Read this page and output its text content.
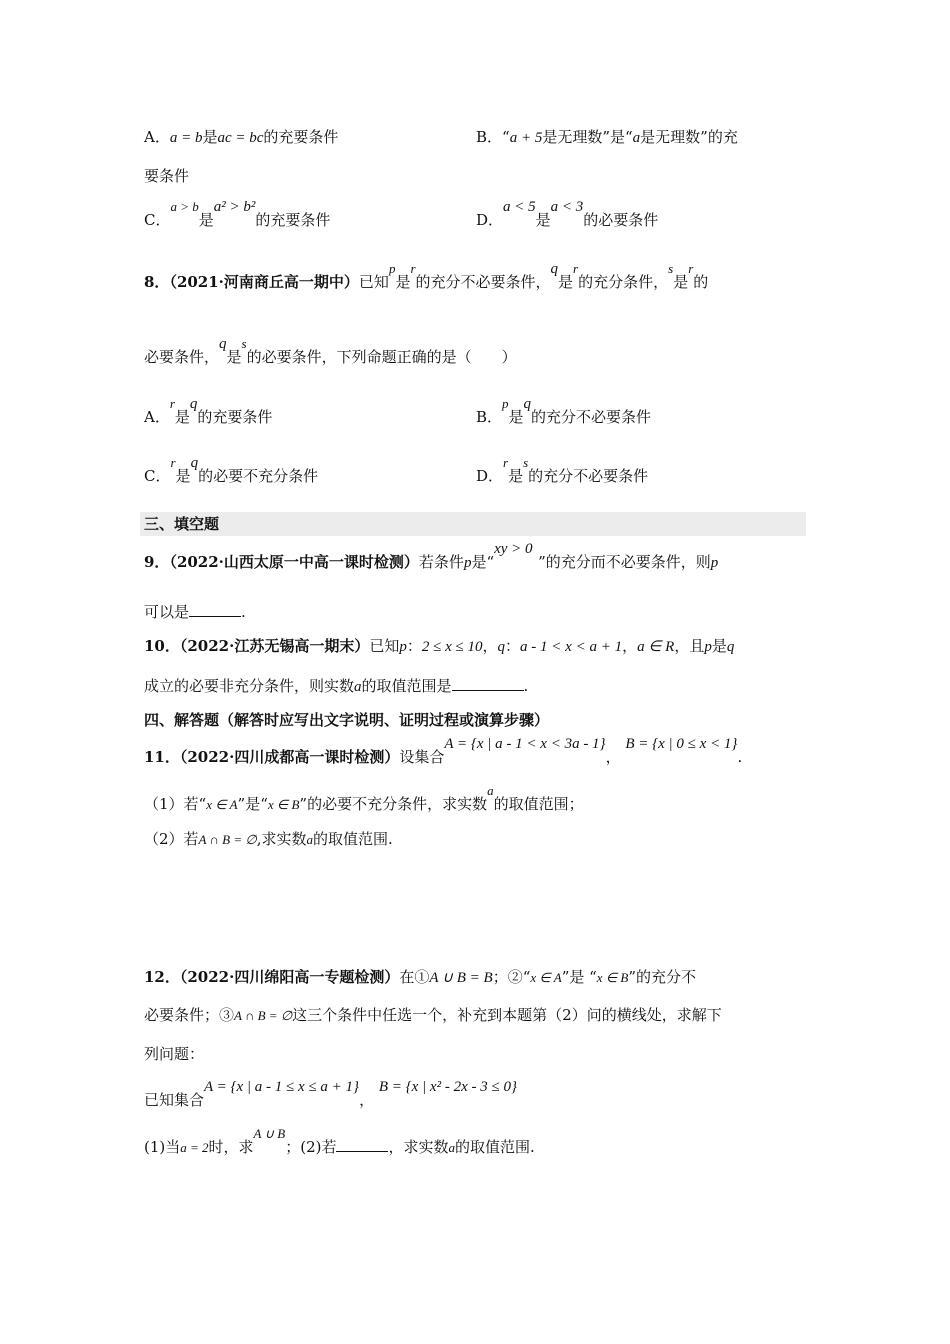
A．a = b是ac = bc的充要条件	B．“a + 5是无理数”是“a是无理数”的充
要条件
C．a > b是a² > b²的充要条件	D．a < 5是a < 3的必要条件
8．（2021·河南商丘高一期中）已知p是r的充分不必要条件，q是r的充分条件，s是r的
必要条件，q是s的必要条件，下列命题正确的是（　　）
A．r是q的充要条件	B．p是q的充分不必要条件
C．r是q的必要不充分条件	D．r是s的充分不必要条件
三、填空题
9．（2022·山西太原一中高一课时检测）若条件p是“xy > 0”的充分而不必要条件，则p
可以是	.
10．（2022·江苏无锡高一期末）已知p：2 ≤ x ≤ 10，q：a - 1 < x < a + 1，a ∈ R，且p是q
成立的必要非充分条件，则实数a的取值范围是	.
四、解答题（解答时应写出文字说明、证明过程或演算步骤）
11．（2022·四川成都高一课时检测）设集合A = {x | a - 1 < x < 3a - 1}， B = {x | 0 ≤ x < 1}.
（1）若“x ∈ A”是“x ∈ B”的必要不充分条件，求实数a的取值范围；
（2）若A ∩ B = ∅,求实数a的取值范围.
12．（2022·四川绵阳高一专题检测）在①A ∪ B = B；②“x ∈ A”是 “x ∈ B”的充分不
必要条件；③A ∩ B = ∅这三个条件中任选一个，补充到本题第（2）问的横线处，求解下
列问题：
已知集合A = {x | a - 1 ≤ x ≤ a + 1}， B = {x | x² - 2x - 3 ≤ 0}
(1)当a = 2时，求A ∪ B；(2)若	，求实数a的取值范围.
